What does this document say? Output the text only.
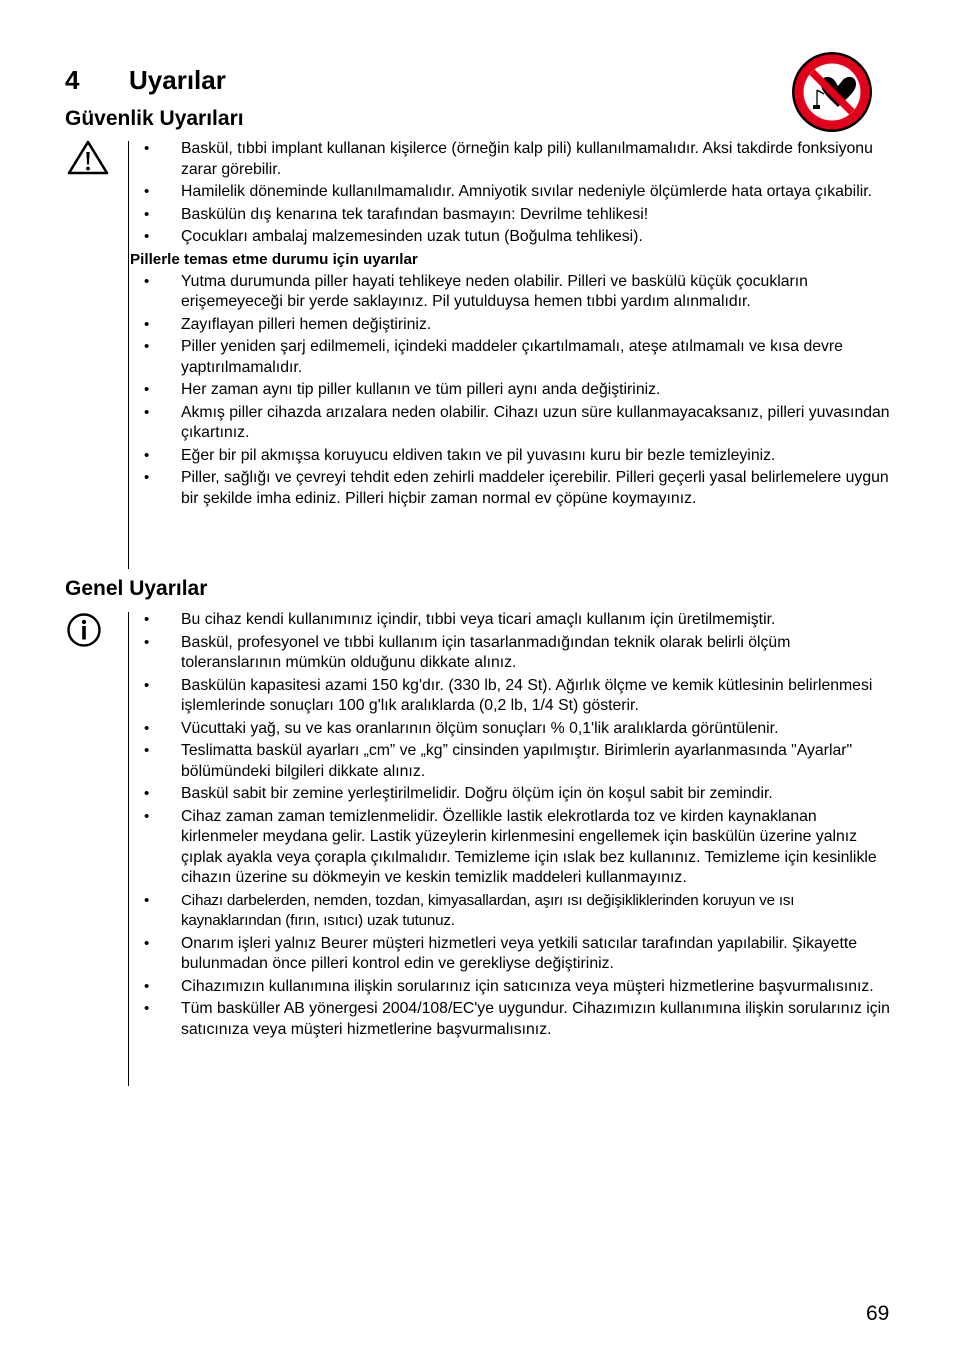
4 Uyarılar
Güvenlik Uyarıları
• Baskül, tıbbi implant kullanan kişilerce (örneğin kalp pili) kullanılmamalıdır. Aksi takdirde fonksiyonu zarar görebilir.
• Hamilelik döneminde kullanılmamalıdır. Amniyotik sıvılar nedeniyle ölçümlerde hata ortaya çıkabilir.
• Baskülün dış kenarına tek tarafından basmayın: Devrilme tehlikesi!
• Çocukları ambalaj malzemesinden uzak tutun (Boğulma tehlikesi).
Pillerle temas etme durumu için uyarılar
• Yutma durumunda piller hayati tehlikeye neden olabilir. Pilleri ve baskülü küçük çocukların erişemeyeceği bir yerde saklayınız. Pil yutulduysa hemen tıbbi yardım alınmalıdır.
• Zayıflayan pilleri hemen değiştiriniz.
• Piller yeniden şarj edilmemeli, içindeki maddeler çıkartılmamalı, ateşe atılmamalı ve kısa devre yaptırılmamalıdır.
• Her zaman aynı tip piller kullanın ve tüm pilleri aynı anda değiştiriniz.
• Akmış piller cihazda arızalara neden olabilir. Cihazı uzun süre kullanmayacaksanız, pilleri yuvasından çıkartınız.
• Eğer bir pil akmışsa koruyucu eldiven takın ve pil yuvasını kuru bir bezle temizleyiniz.
• Piller, sağlığı ve çevreyi tehdit eden zehirli maddeler içerebilir. Pilleri geçerli yasal belirlemelere uygun bir şekilde imha ediniz. Pilleri hiçbir zaman normal ev çöpüne koymayınız.
Genel Uyarılar
• Bu cihaz kendi kullanımınız içindir, tıbbi veya ticari amaçlı kullanım için üretilmemiştir.
• Baskül, profesyonel ve tıbbi kullanım için tasarlanmadığından teknik olarak belirli ölçüm toleranslarının mümkün olduğunu dikkate alınız.
• Baskülün kapasitesi azami 150 kg'dır. (330 lb, 24 St). Ağırlık ölçme ve kemik kütlesinin belirlenmesi işlemlerinde sonuçları 100 g'lık aralıklarda (0,2 lb, 1/4 St) gösterir.
• Vücuttaki yağ, su ve kas oranlarının ölçüm sonuçları % 0,1'lik aralıklarda görüntülenir.
• Teslimatta baskül ayarları „cm” ve „kg” cinsinden yapılmıştır. Birimlerin ayarlanmasında "Ayarlar" bölümündeki bilgileri dikkate alınız.
• Baskül sabit bir zemine yerleştirilmelidir. Doğru ölçüm için ön koşul sabit bir zemindir.
• Cihaz zaman zaman temizlenmelidir. Özellikle lastik elekrotlarda toz ve kirden kaynaklanan kirlenmeler meydana gelir. Lastik yüzeylerin kirlenmesini engellemek için baskülün üzerine yalnız çıplak ayakla veya çorapla çıkılmalıdır. Temizleme için ıslak bez kullanınız. Temizleme için kesinlikle cihazın üzerine su dökmeyin ve keskin temizlik maddeleri kullanmayınız.
• Cihazı darbelerden, nemden, tozdan, kimyasallardan, aşırı ısı değişikliklerinden koruyun ve ısı kaynaklarından (fırın, ısıtıcı) uzak tutunuz.
• Onarım işleri yalnız Beurer müşteri hizmetleri veya yetkili satıcılar tarafından yapılabilir. Şikayette bulunmadan önce pilleri kontrol edin ve gerekliyse değiştiriniz.
• Cihazımızın kullanımına ilişkin sorularınız için satıcınıza veya müşteri hizmetlerine başvurmalısınız.
• Tüm basküller AB yönergesi 2004/108/EC'ye uygundur. Cihazımızın kullanımına ilişkin sorularınız için satıcınıza veya müşteri hizmetlerine başvurmalısınız.
69
